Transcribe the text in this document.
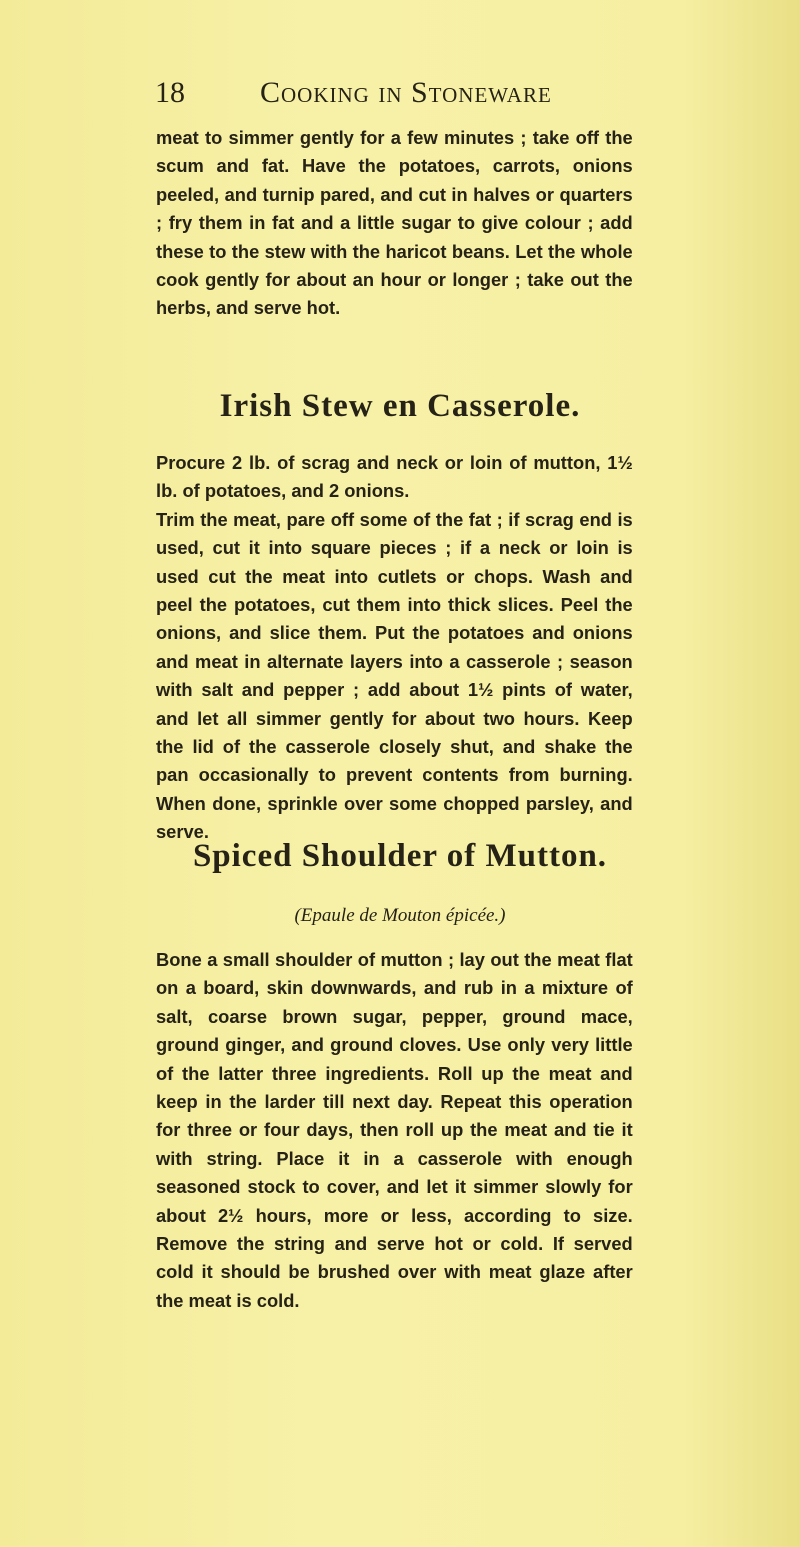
18	Cooking in Stoneware

meat to simmer gently for a few minutes ; take off the scum and fat. Have the potatoes, carrots, onions peeled, and turnip pared, and cut in halves or quarters ; fry them in fat and a little sugar to give colour ; add these to the stew with the haricot beans. Let the whole cook gently for about an hour or longer ; take out the herbs, and serve hot.

Irish Stew en Casserole.

Procure 2 lb. of scrag and neck or loin of mutton, 1½ lb. of potatoes, and 2 onions.

Trim the meat, pare off some of the fat ; if scrag end is used, cut it into square pieces ; if a neck or loin is used cut the meat into cutlets or chops. Wash and peel the potatoes, cut them into thick slices. Peel the onions, and slice them. Put the potatoes and onions and meat in alternate layers into a casserole ; season with salt and pepper ; add about 1½ pints of water, and let all simmer gently for about two hours. Keep the lid of the casserole closely shut, and shake the pan occasionally to prevent contents from burning. When done, sprinkle over some chopped parsley, and serve.

Spiced Shoulder of Mutton.
(Epaule de Mouton épicée.)

Bone a small shoulder of mutton ; lay out the meat flat on a board, skin downwards, and rub in a mixture of salt, coarse brown sugar, pepper, ground mace, ground ginger, and ground cloves. Use only very little of the latter three ingredients. Roll up the meat and keep in the larder till next day. Repeat this operation for three or four days, then roll up the meat and tie it with string. Place it in a casserole with enough seasoned stock to cover, and let it simmer slowly for about 2½ hours, more or less, according to size. Remove the string and serve hot or cold. If served cold it should be brushed over with meat glaze after the meat is cold.
